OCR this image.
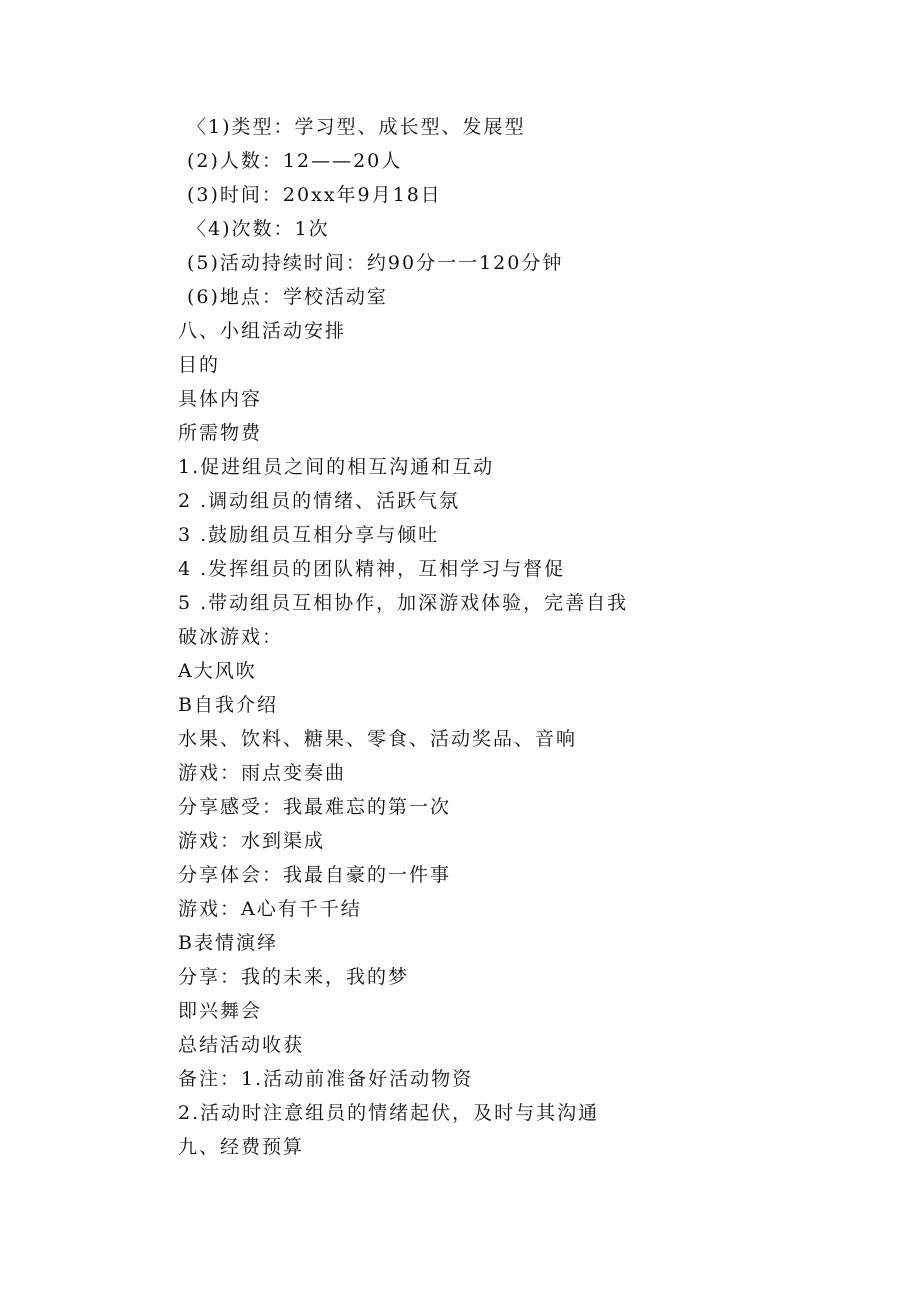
〈1)类型：学习型、成长型、发展型
(2)人数：12——20人
(3)时间：20xx年9月18日
〈4)次数：1次
(5)活动持续时间：约90分一一120分钟
(6)地点：学校活动室
八、小组活动安排
目的
具体内容
所需物费
1.促进组员之间的相互沟通和互动
2 .调动组员的情绪、活跃气氛
3 .鼓励组员互相分享与倾吐
4 .发挥组员的团队精神，互相学习与督促
5 .带动组员互相协作，加深游戏体验，完善自我
破冰游戏：
A大风吹
B自我介绍
水果、饮料、糖果、零食、活动奖品、音响
游戏：雨点变奏曲
分享感受：我最难忘的第一次
游戏：水到渠成
分享体会：我最自豪的一件事
游戏：A心有千千结
B表情演绎
分享：我的未来，我的梦
即兴舞会
总结活动收获
备注：1.活动前准备好活动物资
2.活动时注意组员的情绪起伏，及时与其沟通
九、经费预算
